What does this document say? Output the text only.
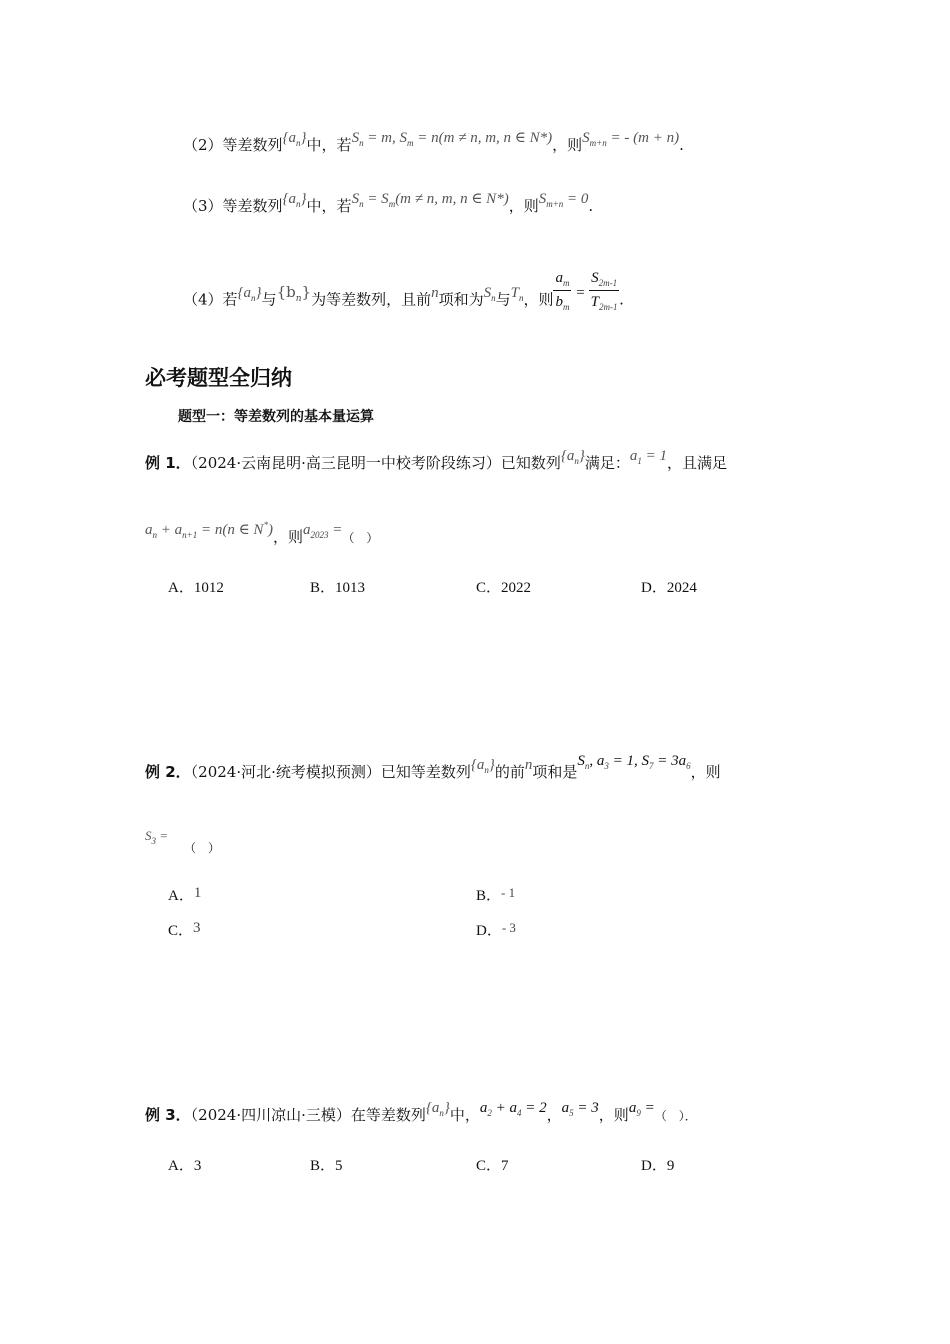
（2）等差数列$\{a_n\}$中，若$S_n = m$, $S_m = n(m \ne n$, m, n ∈ N*)，则$S_{m+n}$ = - (m + n).
（3）等差数列$\{a_n\}$中，若$S_n = S_m(m \ne n$, m, n ∈ N*)，则$S_{m+n} = 0$.
（4）若$\{a_n\}$与$\{b_n\}$为等差数列，且前n项和为$S_n$与$T_n$，则 $\frac{a_m}{b_m} = \frac{S_{2m-1}}{T_{2m-1}}$ .
必考题型全归纳
题型一：等差数列的基本量运算
例 1．（2024·云南昆明·高三昆明一中校考阶段练习）已知数列$\{a_n\}$满足：$a_1 = 1$，且满足
$a_n + a_{n+1} = n(n$ ∈ N*)，则$a_{2023}$ =（　）
A．1012	B．1013	C．2022	D．2024
例 2．（2024·河北·统考模拟预测）已知等差数列$\{a_n\}$的前n项和是$S_n$, $a_3 = 1$, $S_7 = 3a_6$，则
$S_3$ =
（　）
A．1	B．- 1
C．3	D．- 3
例 3．（2024·四川凉山·三模）在等差数列$\{a_n\}$中，$a_2 + a_4 = 2$，$a_5 = 3$，则$a_9$ =（　）．
A．3	B．5	C．7	D．9
